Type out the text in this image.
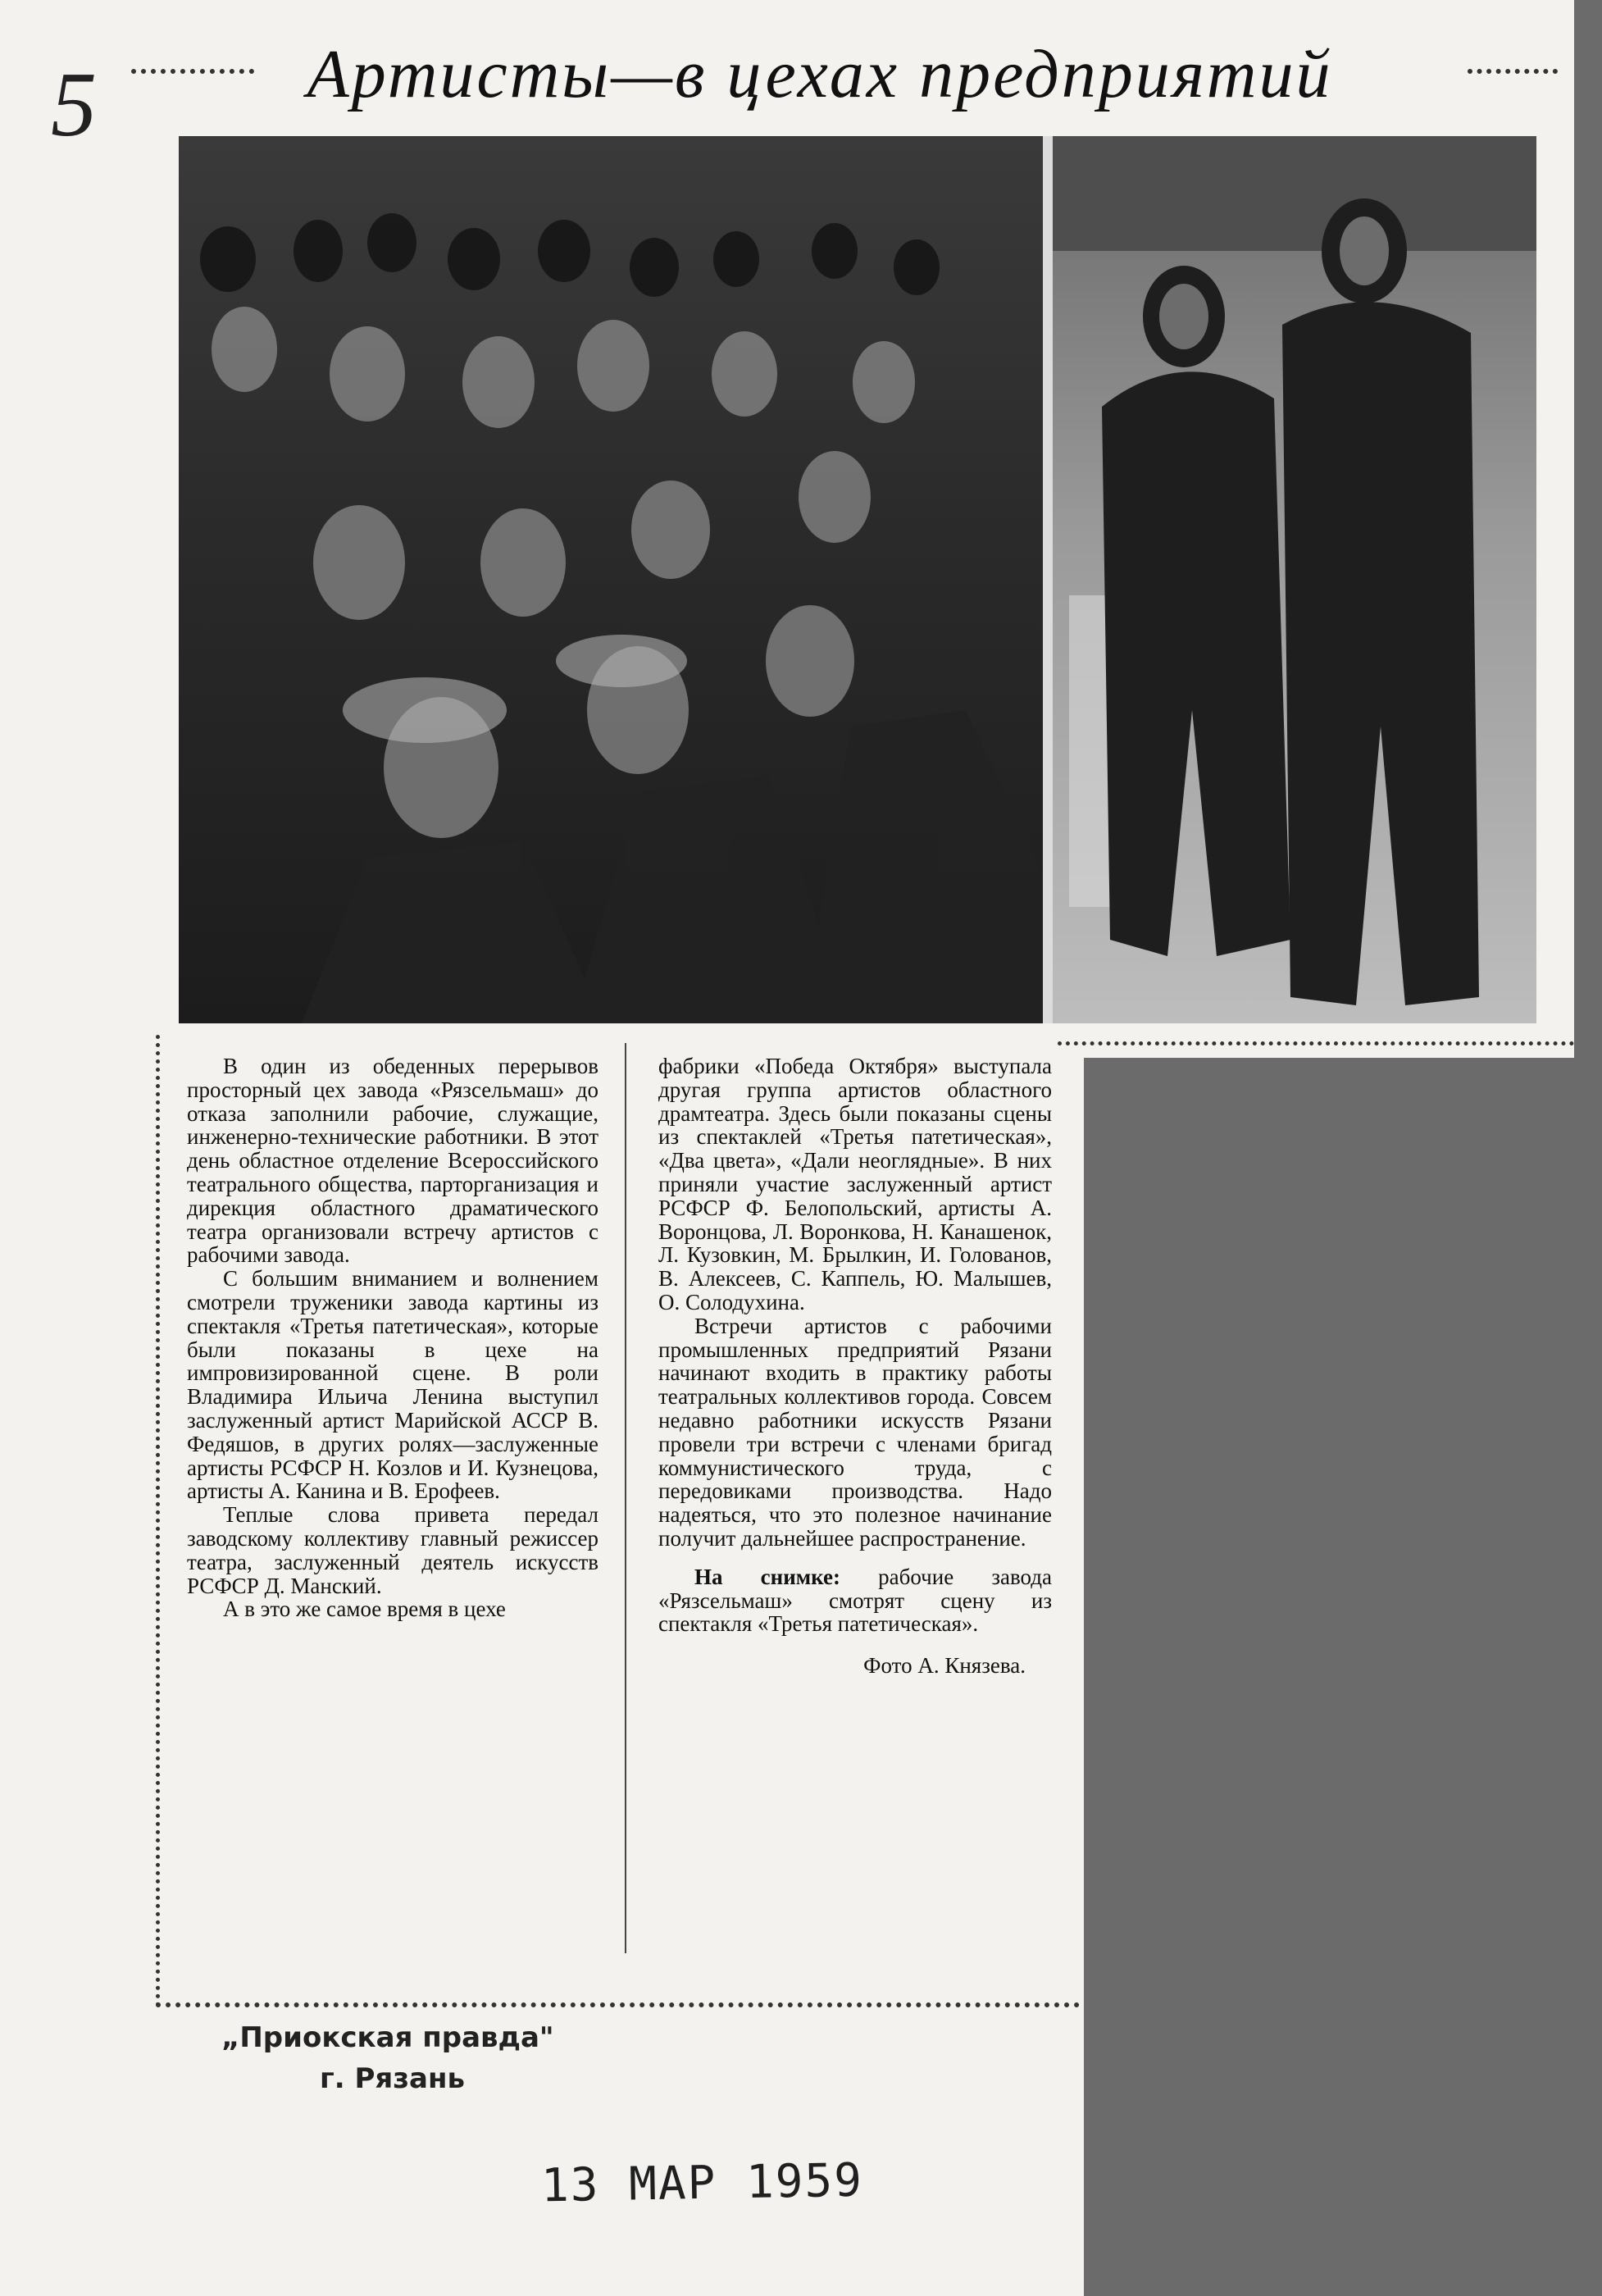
5	Артисты—в цехах предприятий

В один из обеденных перерывов просторный цех завода «Рязсельмаш» до отказа заполнили рабочие, служащие, инженерно-технические работники. В этот день областное отделение Всероссийского театрального общества, парторганизация и дирекция областного драматического театра организовали встречу артистов с рабочими завода.

С большим вниманием и волнением смотрели труженики завода картины из спектакля «Третья патетическая», которые были показаны в цехе на импровизированной сцене. В роли Владимира Ильича Ленина выступил заслуженный артист Марийской АССР В. Федяшов, в других ролях—заслуженные артисты РСФСР Н. Козлов и И. Кузнецова, артисты А. Канина и В. Ерофеев.

Теплые слова привета передал заводскому коллективу главный режиссер театра, заслуженный деятель искусств РСФСР Д. Манский.

А в это же самое время в цехе

фабрики «Победа Октября» выступала другая группа артистов областного драмтеатра. Здесь были показаны сцены из спектаклей «Третья патетическая», «Два цвета», «Дали неоглядные». В них приняли участие заслуженный артист РСФСР Ф. Белопольский, артисты А. Воронцова, Л. Воронкова, Н. Канашенок, Л. Кузовкин, М. Брылкин, И. Голованов, В. Алексеев, С. Каппель, Ю. Малышев, О. Солодухина.

Встречи артистов с рабочими промышленных предприятий Рязани начинают входить в практику работы театральных коллективов города. Совсем недавно работники искусств Рязани провели три встречи с членами бригад коммунистического труда, с передовиками производства. Надо надеяться, что это полезное начинание получит дальнейшее распространение.

На снимке: рабочие завода «Рязсельмаш» смотрят сцену из спектакля «Третья патетическая».

Фото А. Князева.

„Приокская правда"
г. Рязань
13 МАР 1959
